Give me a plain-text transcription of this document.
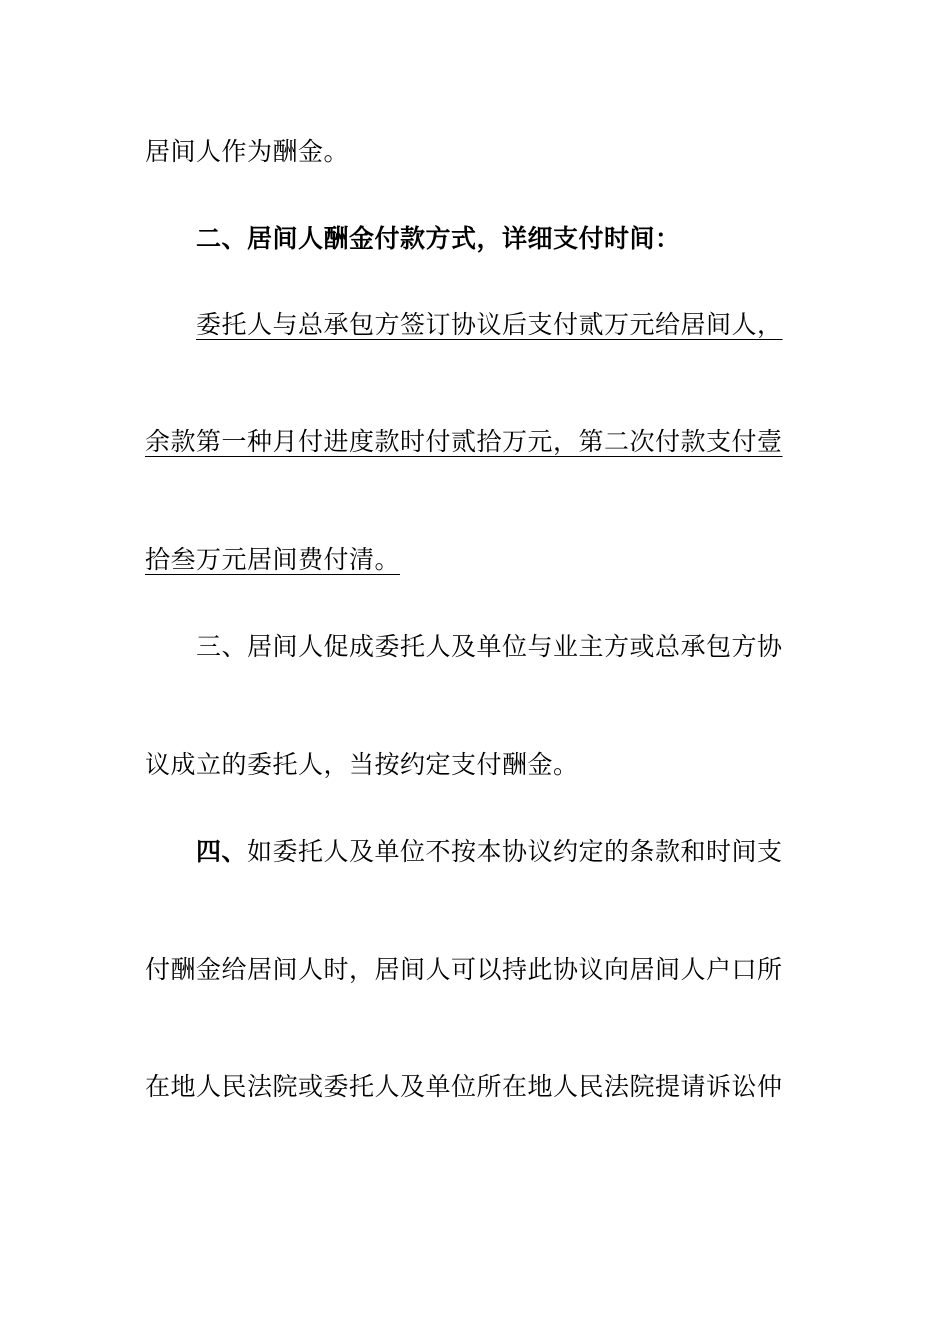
居间人作为酬金。
二、居间人酬金付款方式，详细支付时间：
委托人与总承包方签订协议后支付贰万元给居间人，
余款第一种月付进度款时付贰拾万元，第二次付款支付壹
拾叁万元居间费付清。
三、居间人促成委托人及单位与业主方或总承包方协
议成立的委托人，当按约定支付酬金。
四、如委托人及单位不按本协议约定的条款和时间支
付酬金给居间人时，居间人可以持此协议向居间人户口所
在地人民法院或委托人及单位所在地人民法院提请诉讼仲
